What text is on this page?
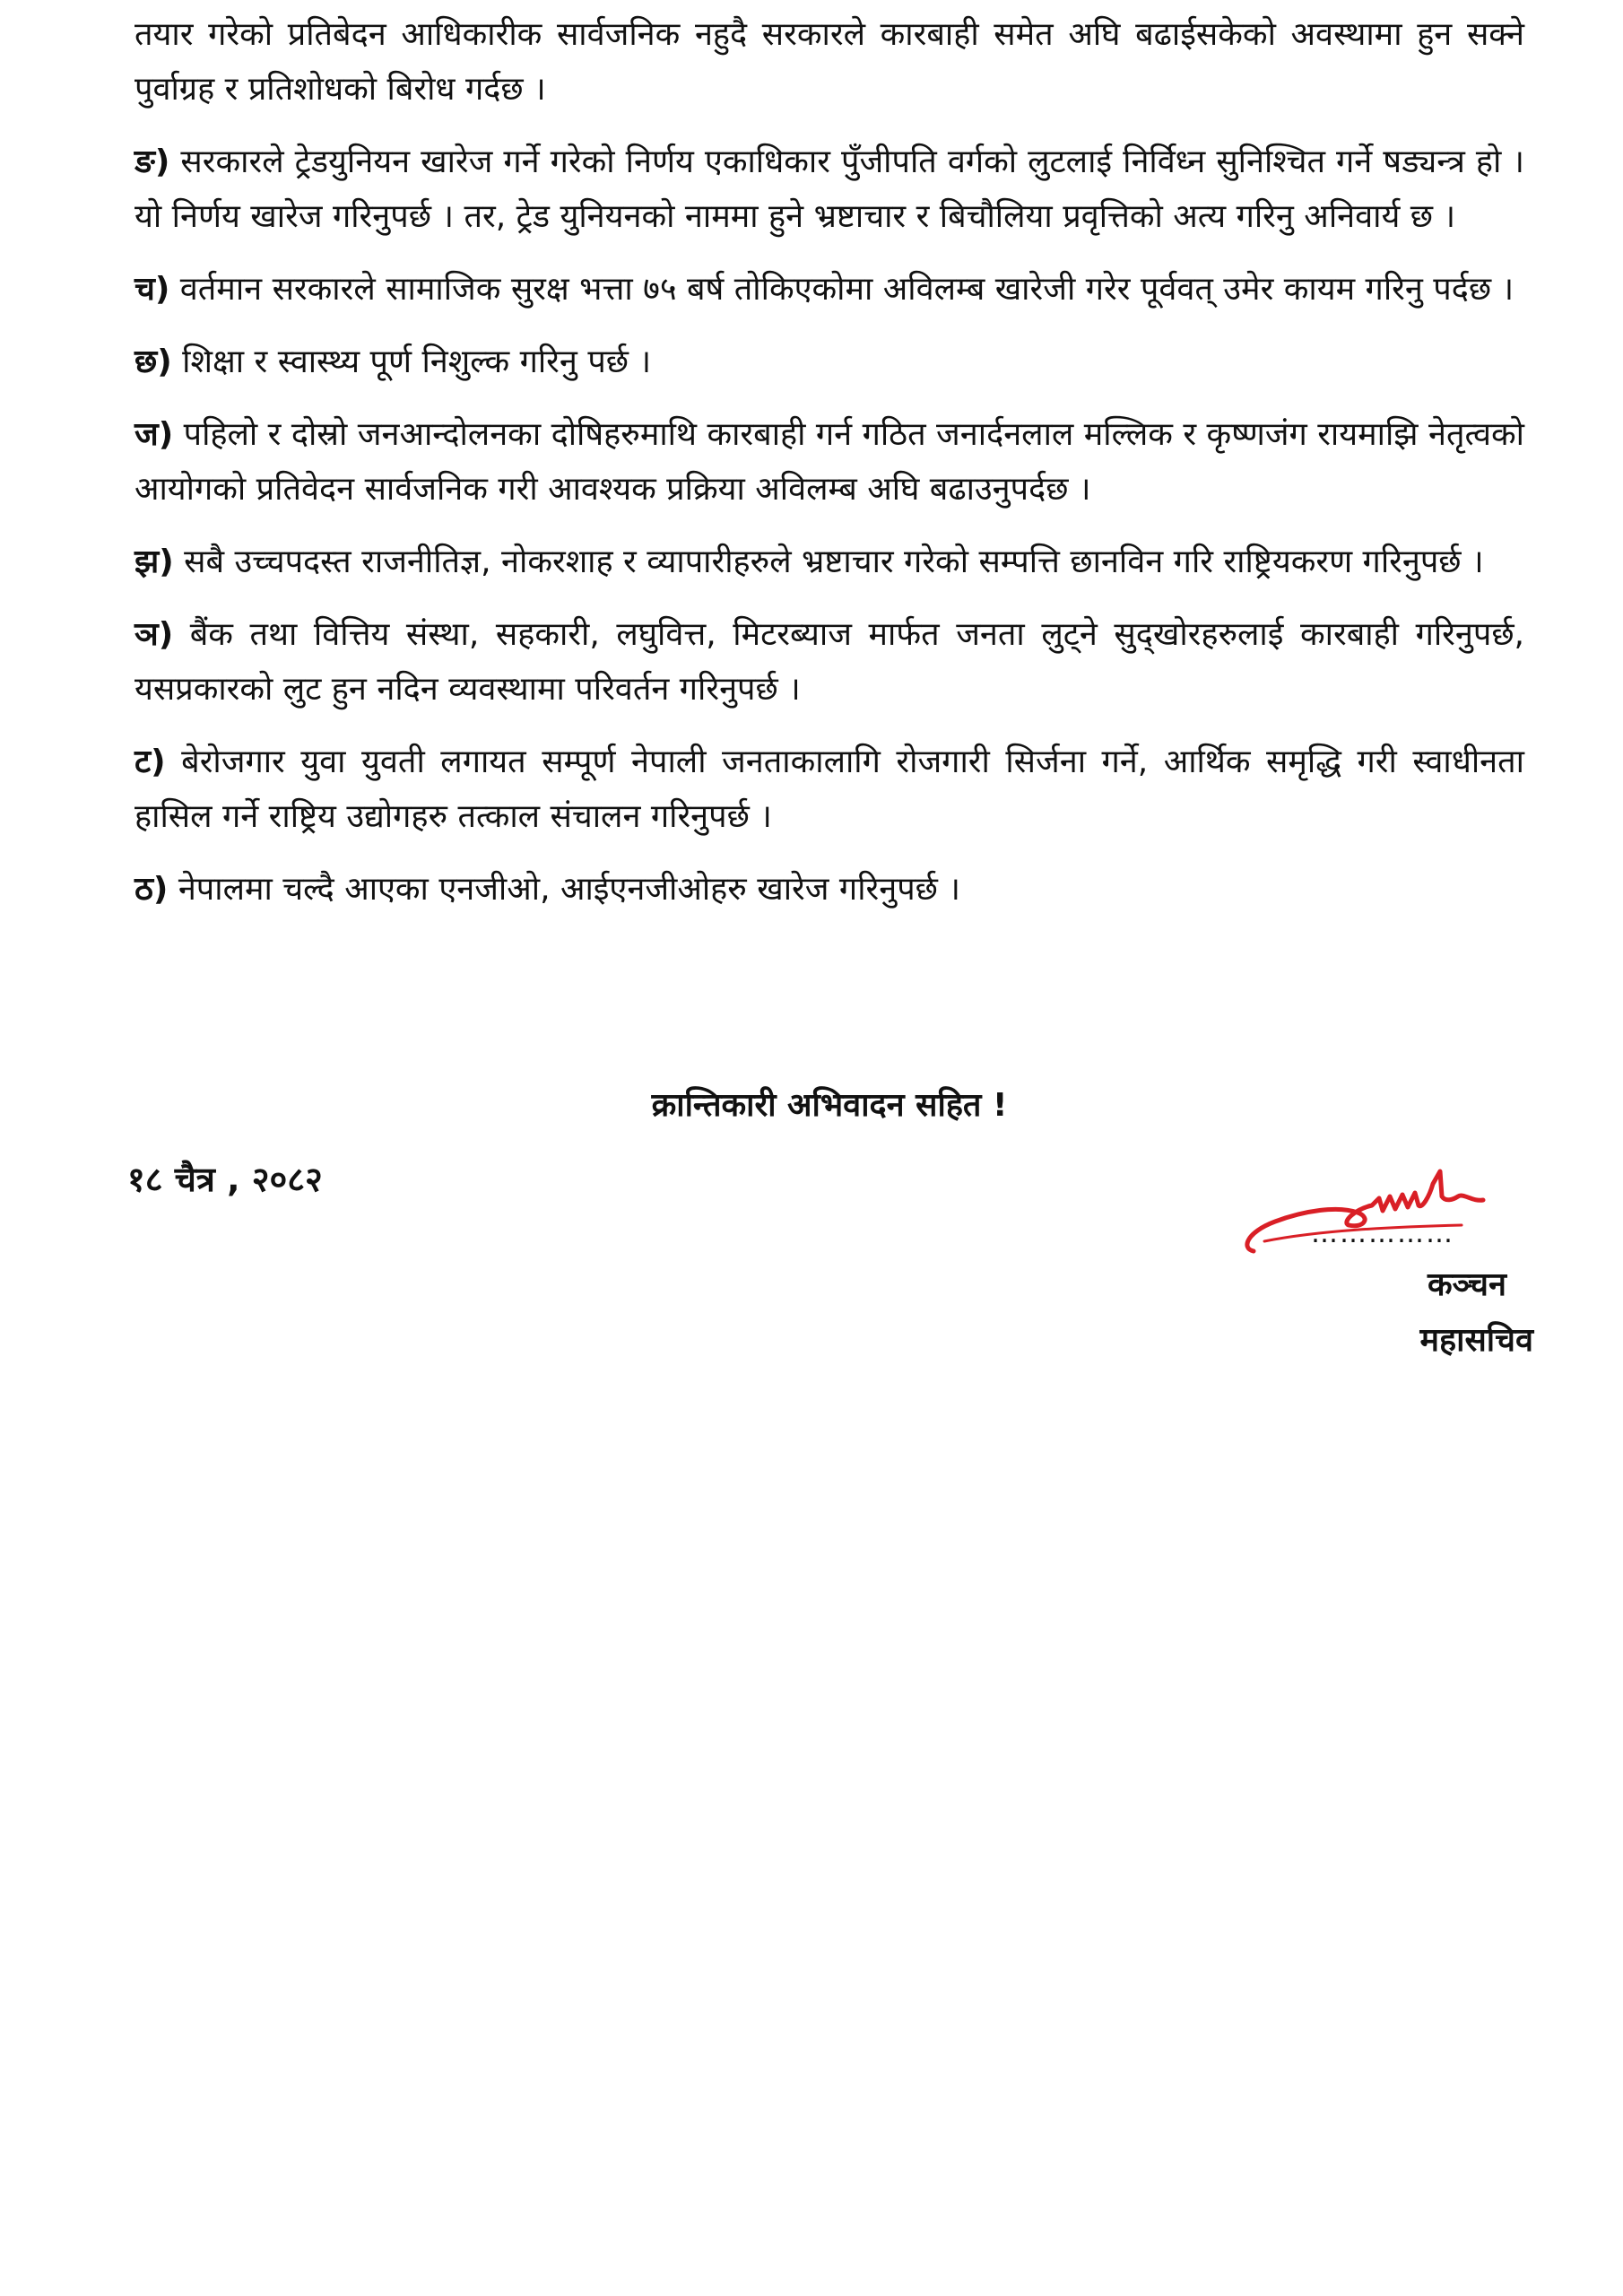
तयार गरेको प्रतिबेदन आधिकारीक सार्वजनिक नहुदै सरकारले कारबाही समेत अघि बढाईसकेको अवस्थामा हुन सक्ने पुर्वाग्रह र प्रतिशोधको बिरोध गर्दछ ।

ङ) सरकारले ट्रेडयुनियन खारेज गर्ने गरेको निर्णय एकाधिकार पुँजीपति वर्गको लुटलाई निर्विध्न सुनिश्चित गर्ने षड्यन्त्र हो । यो निर्णय खारेज गरिनुपर्छ । तर, ट्रेड युनियनको नाममा हुने भ्रष्टाचार र बिचौलिया प्रवृत्तिको अत्य गरिनु अनिवार्य छ ।

च) वर्तमान सरकारले सामाजिक सुरक्ष भत्ता ७५ बर्ष तोकिएकोमा अविलम्ब खारेजी गरेर पूर्ववत् उमेर कायम गरिनु पर्दछ ।

छ) शिक्षा र स्वास्थ्य पूर्ण निशुल्क गरिनु पर्छ ।

ज) पहिलो र दोस्रो जनआन्दोलनका दोषिहरुमाथि कारबाही गर्न गठित जनार्दनलाल मल्लिक र कृष्णजंग रायमाझि नेतृत्वको आयोगको प्रतिवेदन सार्वजनिक गरी आवश्यक प्रक्रिया अविलम्ब अघि बढाउनुपर्दछ ।

झ) सबै उच्चपदस्त राजनीतिज्ञ, नोकरशाह र व्यापारीहरुले भ्रष्टाचार गरेको सम्पत्ति छानविन गरि राष्ट्रियकरण गरिनुपर्छ ।

ञ) बैंक तथा वित्तिय संस्था, सहकारी, लघुवित्त, मिटरब्याज मार्फत जनता लुट्ने सुद्खोरहरुलाई कारबाही गरिनुपर्छ, यसप्रकारको लुट हुन नदिन व्यवस्थामा परिवर्तन गरिनुपर्छ ।

ट) बेरोजगार युवा युवती लगायत सम्पूर्ण नेपाली जनताकालागि रोजगारी सिर्जना गर्ने, आर्थिक समृद्धि गरी स्वाधीनता हासिल गर्ने राष्ट्रिय उद्योगहरु तत्काल संचालन गरिनुपर्छ ।

ठ) नेपालमा चल्दै आएका एनजीओ, आईएनजीओहरु खारेज गरिनुपर्छ ।

क्रान्तिकारी अभिवादन सहित !
१८ चैत्र , २०८२
……………
कञ्चन
महासचिव
